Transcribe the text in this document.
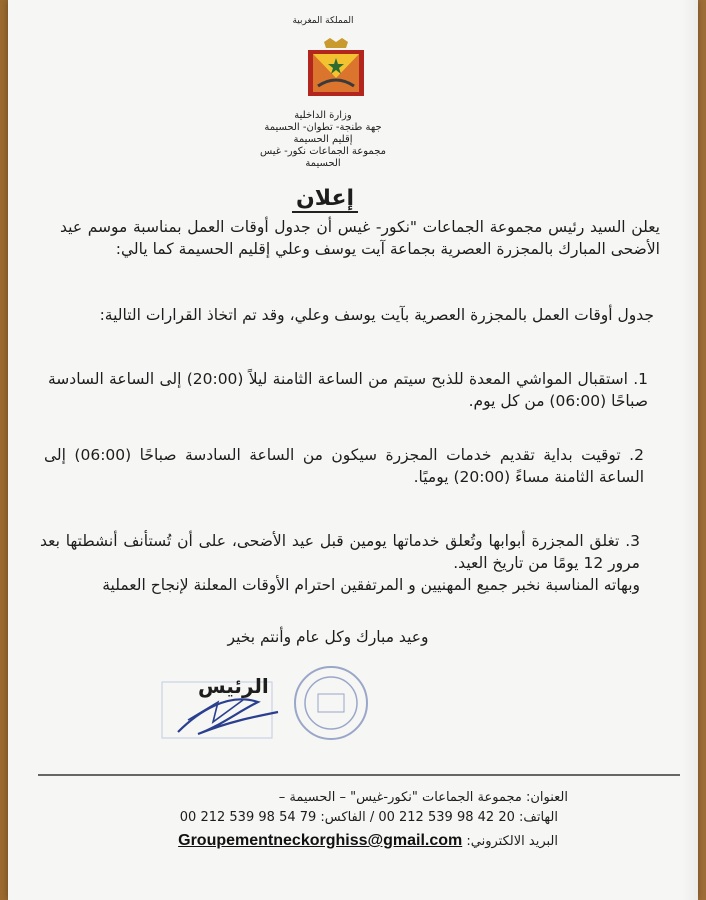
المملكة المغربية
وزارة الداخلية
جهة طنجة- تطوان- الحسيمة
إقليم الحسيمة
مجموعة الجماعات نكور- غيس
الحسيمة
إعلان
يعلن السيد رئيس مجموعة الجماعات "نكور- غيس أن جدول أوقات العمل بمناسبة موسم عيد الأضحى المبارك بالمجزرة العصرية بجماعة آيت يوسف وعلي إقليم الحسيمة كما يالي:
جدول أوقات العمل بالمجزرة العصرية بآيت يوسف وعلي، وقد تم اتخاذ القرارات التالية:
1. استقبال المواشي المعدة للذبح سيتم من الساعة الثامنة ليلاً (20:00) إلى الساعة السادسة صباحًا (06:00) من كل يوم.
2. توقيت بداية تقديم خدمات المجزرة سيكون من الساعة السادسة صباحًا (06:00) إلى الساعة الثامنة مساءً (20:00) يوميًا.
3. تغلق المجزرة أبوابها وتُعلق خدماتها يومين قبل عيد الأضحى، على أن تُستأنف أنشطتها بعد مرور 12 يومًا من تاريخ العيد.
وبهاته المناسبة نخبر جميع المهنيين و المرتفقين احترام الأوقات المعلنة لإنجاح العملية
وعيد مبارك وكل عام وأنتم بخير
الرئيس
العنوان: مجموعة الجماعات "نكور-غيس" – الحسيمة –
الهاتف: 20 42 98 539 212 00 / الفاكس: 79 54 98 539 212 00
البريد الالكتروني: Groupementneckorghiss@gmail.com
